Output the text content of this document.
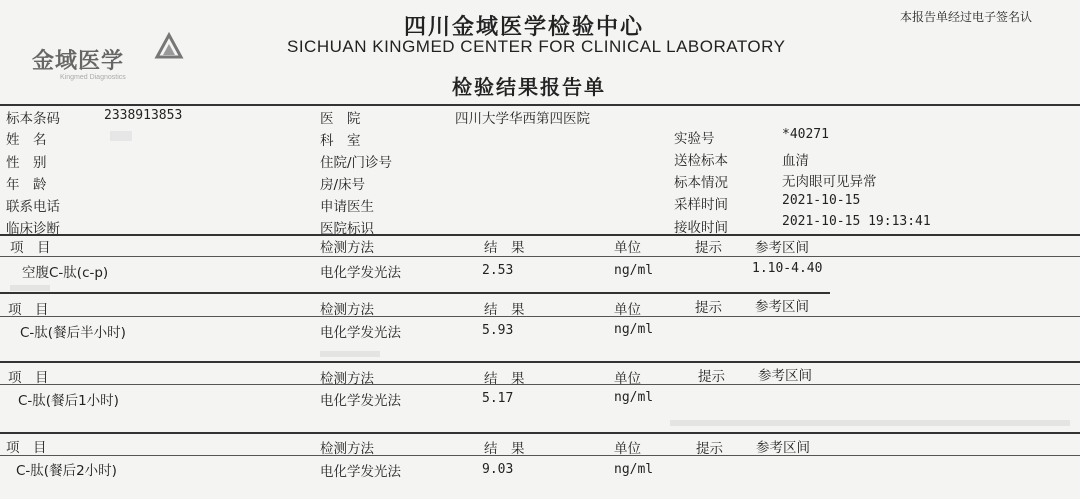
金域医学
Kingmed Diagnostics
四川金域医学检验中心
SICHUAN KINGMED CENTER FOR CLINICAL LABORATORY
检验结果报告单
本报告单经过电子签名认
标本条码	2338913853
姓　名
性　别
年　龄
联系电话
临床诊断
医　院	四川大学华西第四医院
科　室
住院/门诊号
房/床号
申请医生
医院标识
实验号	*40271
送检标本	血清
标本情况	无肉眼可见异常
采样时间	2021-10-15
接收时间	2021-10-15 19:13:41
项　目	检测方法	结　果	单位	提示 参考区间
空腹C-肽(c-p)	电化学发光法	2.53	ng/ml	1.10-4.40
项　目	检测方法	结　果	单位	提示 参考区间
C-肽(餐后半小时)	电化学发光法	5.93	ng/ml
项　目	检测方法	结　果	单位	提示 参考区间
C-肽(餐后1小时)	电化学发光法	5.17	ng/ml
项　目	检测方法	结　果	单位	提示 参考区间
C-肽(餐后2小时)	电化学发光法	9.03	ng/ml
